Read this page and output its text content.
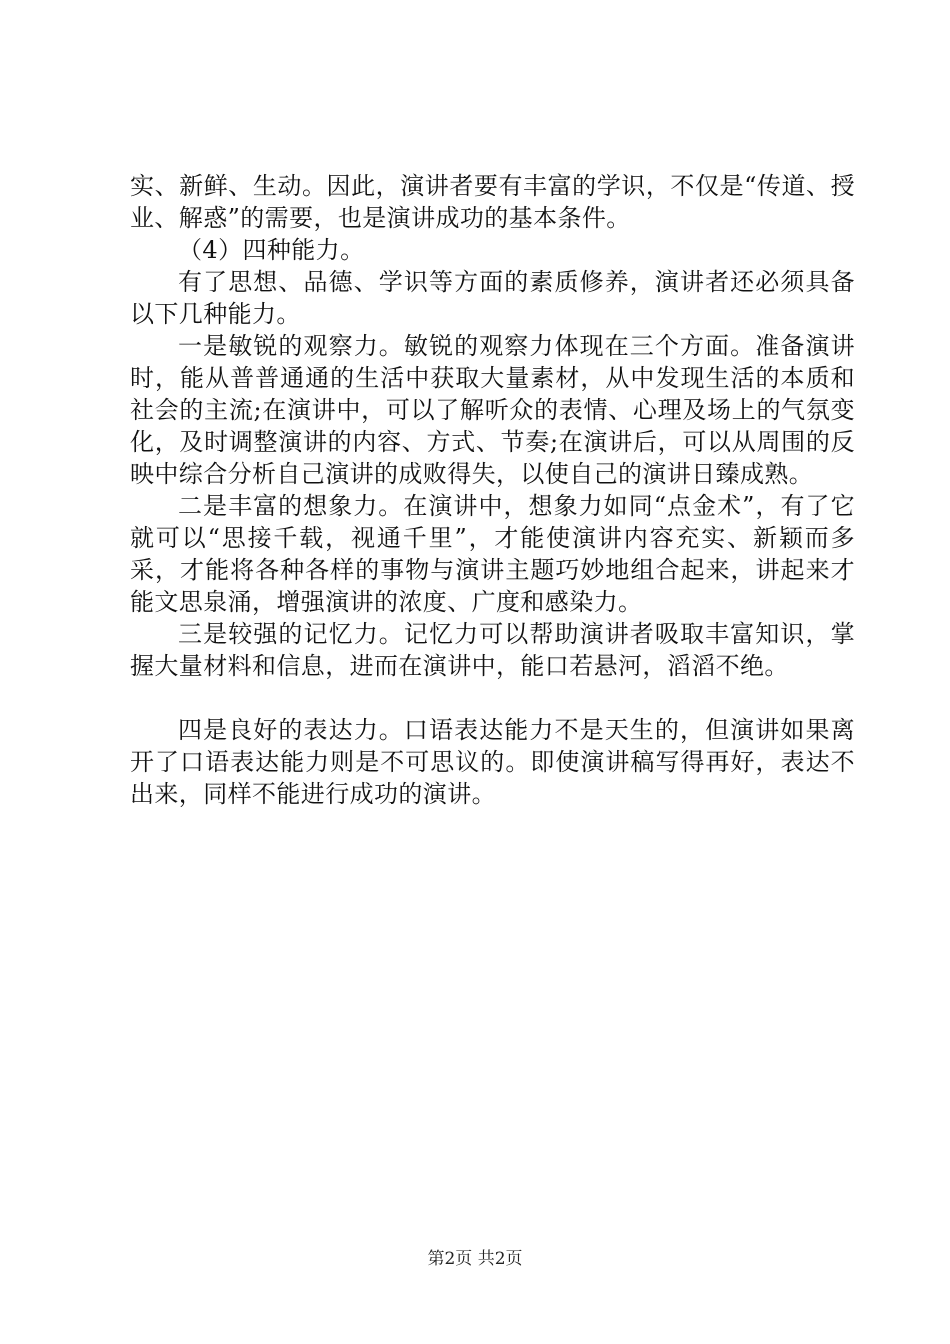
实、新鲜、生动。因此，演讲者要有丰富的学识，不仅是“传道、授业、解惑”的需要，也是演讲成功的基本条件。

（4）四种能力。

有了思想、品德、学识等方面的素质修养，演讲者还必须具备以下几种能力。

一是敏锐的观察力。敏锐的观察力体现在三个方面。准备演讲时，能从普普通通的生活中获取大量素材，从中发现生活的本质和社会的主流;在演讲中，可以了解听众的表情、心理及场上的气氛变化，及时调整演讲的内容、方式、节奏;在演讲后，可以从周围的反映中综合分析自己演讲的成败得失，以使自己的演讲日臻成熟。

二是丰富的想象力。在演讲中，想象力如同“点金术”，有了它就可以“思接千载，视通千里”，才能使演讲内容充实、新颖而多采，才能将各种各样的事物与演讲主题巧妙地组合起来，讲起来才能文思泉涌，增强演讲的浓度、广度和感染力。

三是较强的记忆力。记忆力可以帮助演讲者吸取丰富知识，掌握大量材料和信息，进而在演讲中，能口若悬河，滔滔不绝。

四是良好的表达力。口语表达能力不是天生的，但演讲如果离开了口语表达能力则是不可思议的。即使演讲稿写得再好，表达不出来，同样不能进行成功的演讲。

第2页 共2页
